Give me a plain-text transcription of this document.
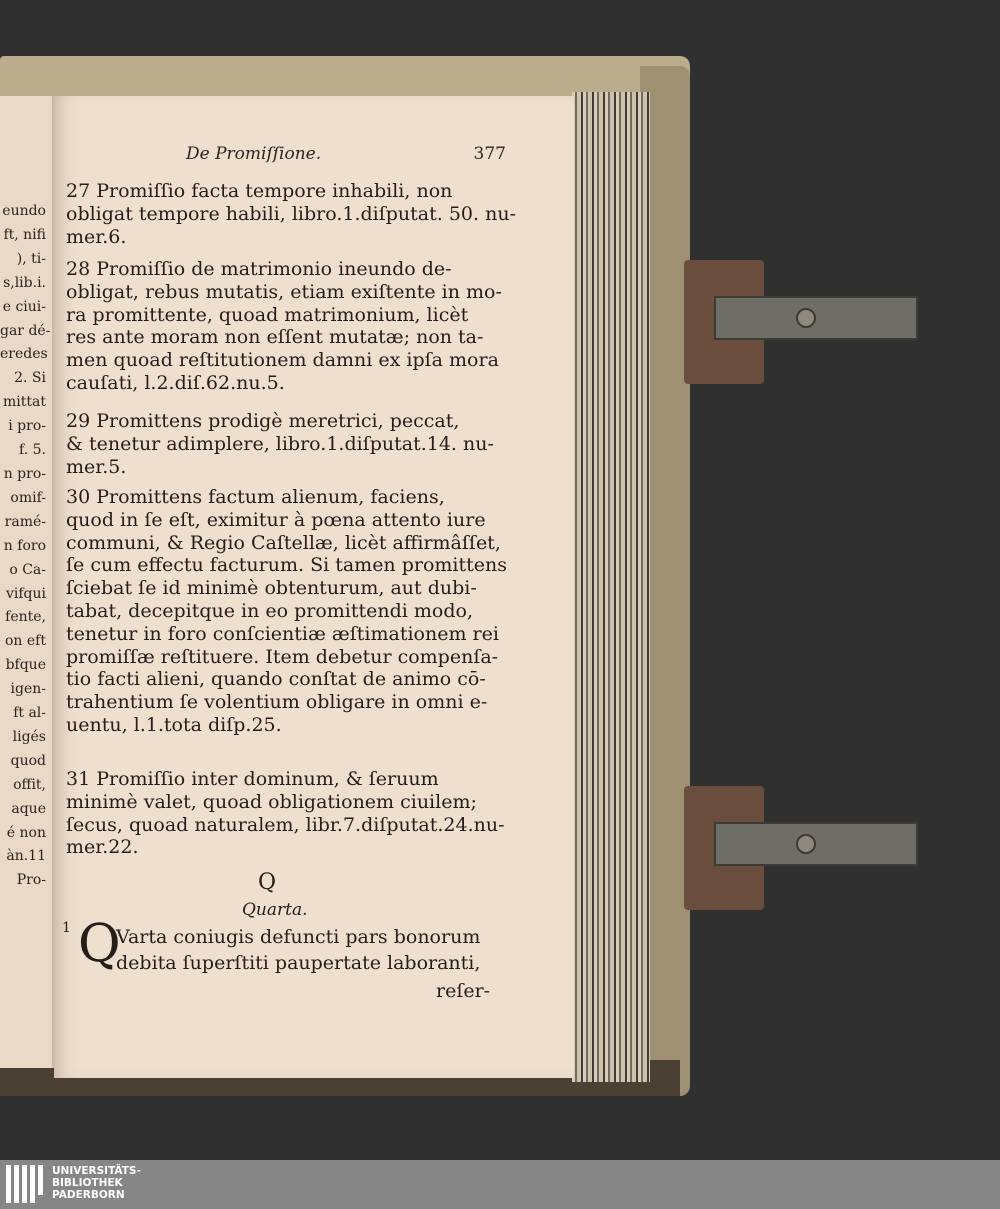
eundo
ft, nifi
), ti-
s,lib.i.
e ciui-
gar dé-
eredes
2. Si
mittat
i pro-
f. 5.
n pro-
omif-
ramé-
n foro
o Ca-
vifqui
fente,
on eft
bfque
igen-
ft al-
ligés
quod
offit,
aque
é non
àn.11
Pro-
De Promiſſione.	377
27 Promiſſio facta tempore inhabili, non
obligat tempore habili, libro.1.diſputat. 50. nu-
mer.6.
28 Promiſſio de matrimonio ineundo de-
obligat, rebus mutatis, etiam exiſtente in mo-
ra promittente, quoad matrimonium, licèt
res ante moram non eſſent mutatæ; non ta-
men quoad reſtitutionem damni ex ipſa mora
cauſati, l.2.diſ.62.nu.5.
29 Promittens prodigè meretrici, peccat,
& tenetur adimplere, libro.1.diſputat.14. nu-
mer.5.
30 Promittens factum alienum, faciens,
quod in ſe eſt, eximitur à pœna attento iure
communi, & Regio Caſtellæ, licèt affirmâſſet,
ſe cum effectu facturum. Si tamen promittens
ſciebat ſe id minimè obtenturum, aut dubi-
tabat, decepitque in eo promittendi modo,
tenetur in foro conſcientiæ æſtimationem rei
promiſſæ reſtituere. Item debetur compenſa-
tio facti alieni, quando conſtat de animo cō-
trahentium ſe volentium obligare in omni e-
uentu, l.1.tota diſp.25.
31 Promiſſio inter dominum, & ſeruum
minimè valet, quoad obligationem ciuilem;
ſecus, quoad naturalem, libr.7.diſputat.24.nu-
mer.22.
Q
Quarta.
1 Q
Varta coniugis defuncti pars bonorum
debita ſuperſtiti paupertate laboranti,
reſer-
UNIVERSITÄTS-
BIBLIOTHEK
PADERBORN
